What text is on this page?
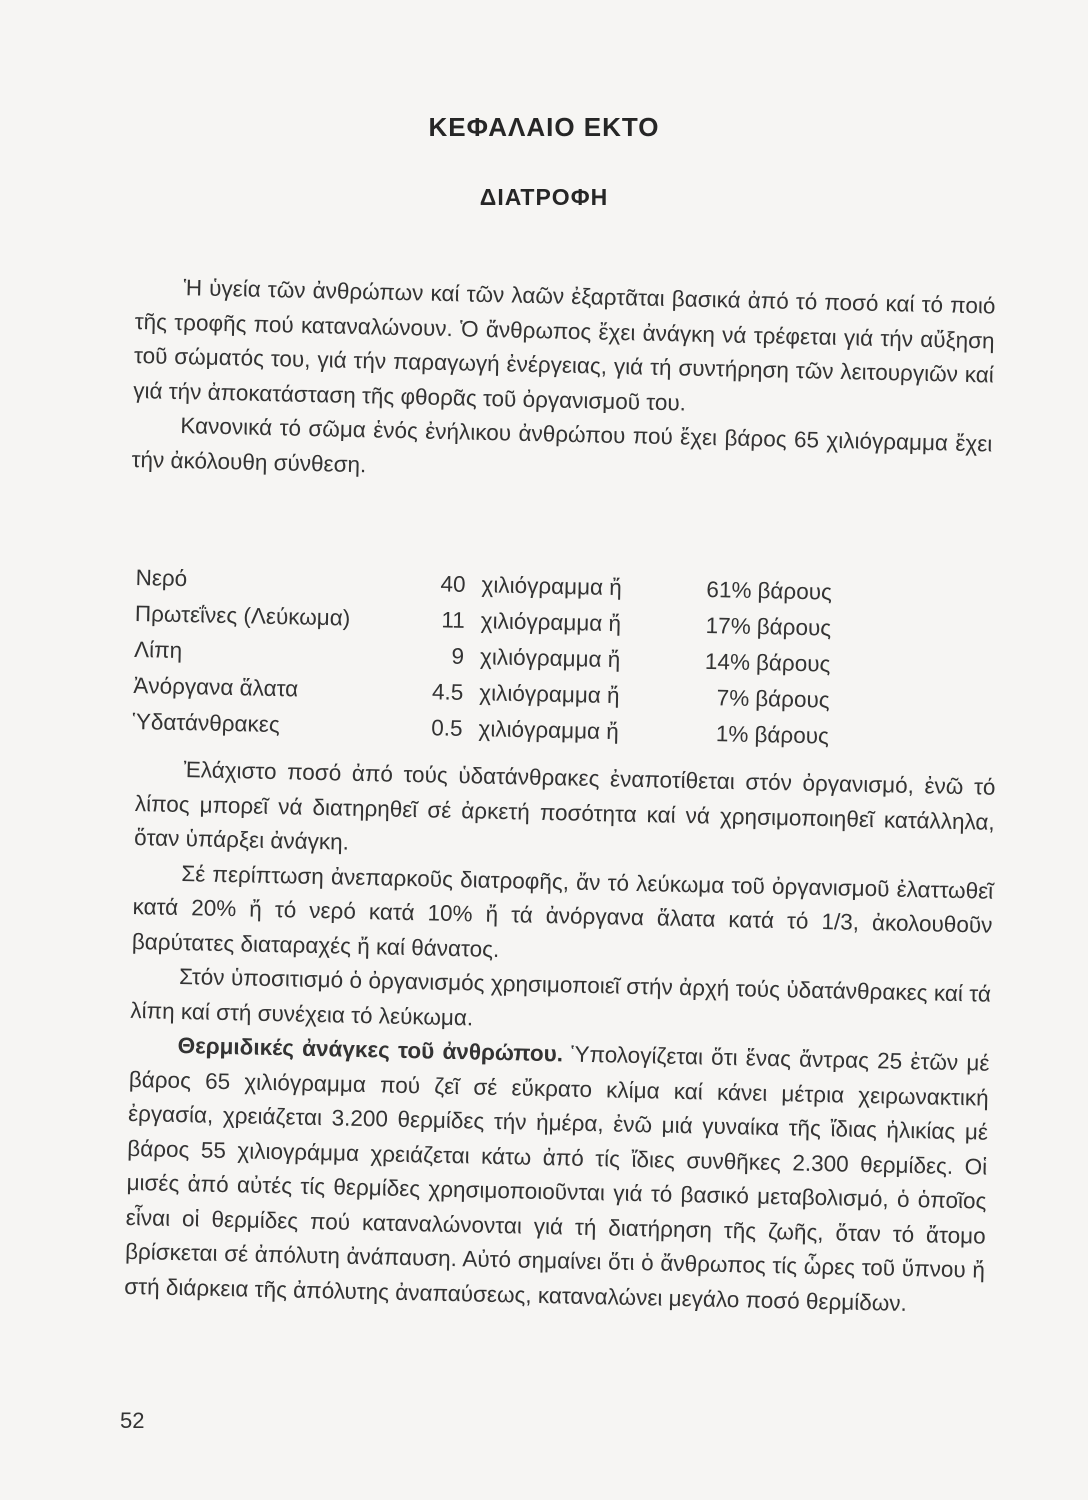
ΚΕΦΑΛΑΙΟ ΕΚΤΟ
ΔΙΑΤΡΟΦΗ

Ἡ ὑγεία τῶν ἀνθρώπων καί τῶν λαῶν ἐξαρτᾶται βασικά ἀπό τό ποσό καί τό ποιό τῆς τροφῆς πού καταναλώνουν. Ὁ ἄνθρωπος ἔχει ἀνάγκη νά τρέφεται γιά τήν αὔξηση τοῦ σώματός του, γιά τήν παραγωγή ἐνέργειας, γιά τή συντήρηση τῶν λειτουργιῶν καί γιά τήν ἀποκατάσταση τῆς φθορᾶς τοῦ ὀργανισμοῦ του.

Κανονικά τό σῶμα ἑνός ἐνήλικου ἀνθρώπου πού ἔχει βάρος 65 χιλιόγραμμα ἔχει τήν ἀκόλουθη σύνθεση.

Νερό	40	χιλιόγραμμα ἤ	61%	βάρους
Πρωτεΐνες (Λεύκωμα)	11	χιλιόγραμμα ἤ	17%	βάρους
Λίπη	9	χιλιόγραμμα ἤ	14%	βάρους
Ἀνόργανα ἅλατα	4.5	χιλιόγραμμα ἤ	7%	βάρους
Ὑδατάνθρακες	0.5	χιλιόγραμμα ἤ	1%	βάρους

Ἐλάχιστο ποσό ἀπό τούς ὑδατάνθρακες ἐναποτίθεται στόν ὀργανισμό, ἐνῶ τό λίπος μπορεῖ νά διατηρηθεῖ σέ ἀρκετή ποσότητα καί νά χρησιμοποιηθεῖ κατάλληλα, ὅταν ὑπάρξει ἀνάγκη.

Σέ περίπτωση ἀνεπαρκοῦς διατροφῆς, ἄν τό λεύκωμα τοῦ ὀργανισμοῦ ἐλαττωθεῖ κατά 20% ἤ τό νερό κατά 10% ἤ τά ἀνόργανα ἅλατα κατά τό 1/3, ἀκολουθοῦν βαρύτατες διαταραχές ἤ καί θάνατος.

Στόν ὑποσιτισμό ὁ ὀργανισμός χρησιμοποιεῖ στήν ἀρχή τούς ὑδατάνθρακες καί τά λίπη καί στή συνέχεια τό λεύκωμα.

Θερμιδικές ἀνάγκες τοῦ ἀνθρώπου. Ὑπολογίζεται ὅτι ἕνας ἄντρας 25 ἐτῶν μέ βάρος 65 χιλιόγραμμα πού ζεῖ σέ εὔκρατο κλίμα καί κάνει μέτρια χειρωνακτική ἐργασία, χρειάζεται 3.200 θερμίδες τήν ἡμέρα, ἐνῶ μιά γυναίκα τῆς ἴδιας ἡλικίας μέ βάρος 55 χιλιογράμμα χρειάζεται κάτω ἀπό τίς ἴδιες συνθῆκες 2.300 θερμίδες. Οἱ μισές ἀπό αὐτές τίς θερμίδες χρησιμοποιοῦνται γιά τό βασικό μεταβολισμό, ὁ ὁποῖος εἶναι οἱ θερμίδες πού καταναλώνονται γιά τή διατήρηση τῆς ζωῆς, ὅταν τό ἄτομο βρίσκεται σέ ἀπόλυτη ἀνάπαυση. Αὐτό σημαίνει ὅτι ὁ ἄνθρωπος τίς ὧρες τοῦ ὕπνου ἤ στή διάρκεια τῆς ἀπόλυτης ἀναπαύσεως, καταναλώνει μεγάλο ποσό θερμίδων.

52
